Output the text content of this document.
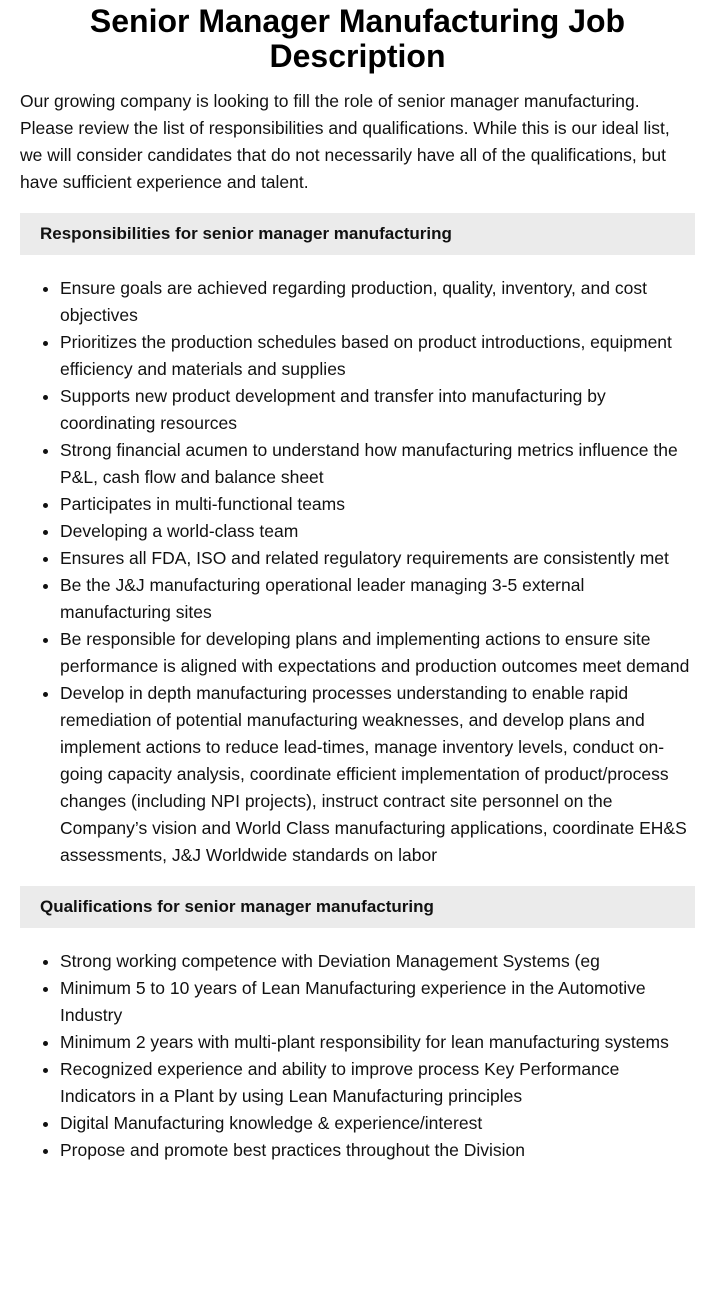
Senior Manager Manufacturing Job Description

Our growing company is looking to fill the role of senior manager manufacturing. Please review the list of responsibilities and qualifications. While this is our ideal list, we will consider candidates that do not necessarily have all of the qualifications, but have sufficient experience and talent.

Responsibilities for senior manager manufacturing
• Ensure goals are achieved regarding production, quality, inventory, and cost objectives
• Prioritizes the production schedules based on product introductions, equipment efficiency and materials and supplies
• Supports new product development and transfer into manufacturing by coordinating resources
• Strong financial acumen to understand how manufacturing metrics influence the P&L, cash flow and balance sheet
• Participates in multi-functional teams
• Developing a world-class team
• Ensures all FDA, ISO and related regulatory requirements are consistently met
• Be the J&J manufacturing operational leader managing 3-5 external manufacturing sites
• Be responsible for developing plans and implementing actions to ensure site performance is aligned with expectations and production outcomes meet demand
• Develop in depth manufacturing processes understanding to enable rapid remediation of potential manufacturing weaknesses, and develop plans and implement actions to reduce lead-times, manage inventory levels, conduct on-going capacity analysis, coordinate efficient implementation of product/process changes (including NPI projects), instruct contract site personnel on the Company’s vision and World Class manufacturing applications, coordinate EH&S assessments, J&J Worldwide standards on labor
Qualifications for senior manager manufacturing
• Strong working competence with Deviation Management Systems (eg
• Minimum 5 to 10 years of Lean Manufacturing experience in the Automotive Industry
• Minimum 2 years with multi-plant responsibility for lean manufacturing systems
• Recognized experience and ability to improve process Key Performance Indicators in a Plant by using Lean Manufacturing principles
• Digital Manufacturing knowledge & experience/interest
• Propose and promote best practices throughout the Division
